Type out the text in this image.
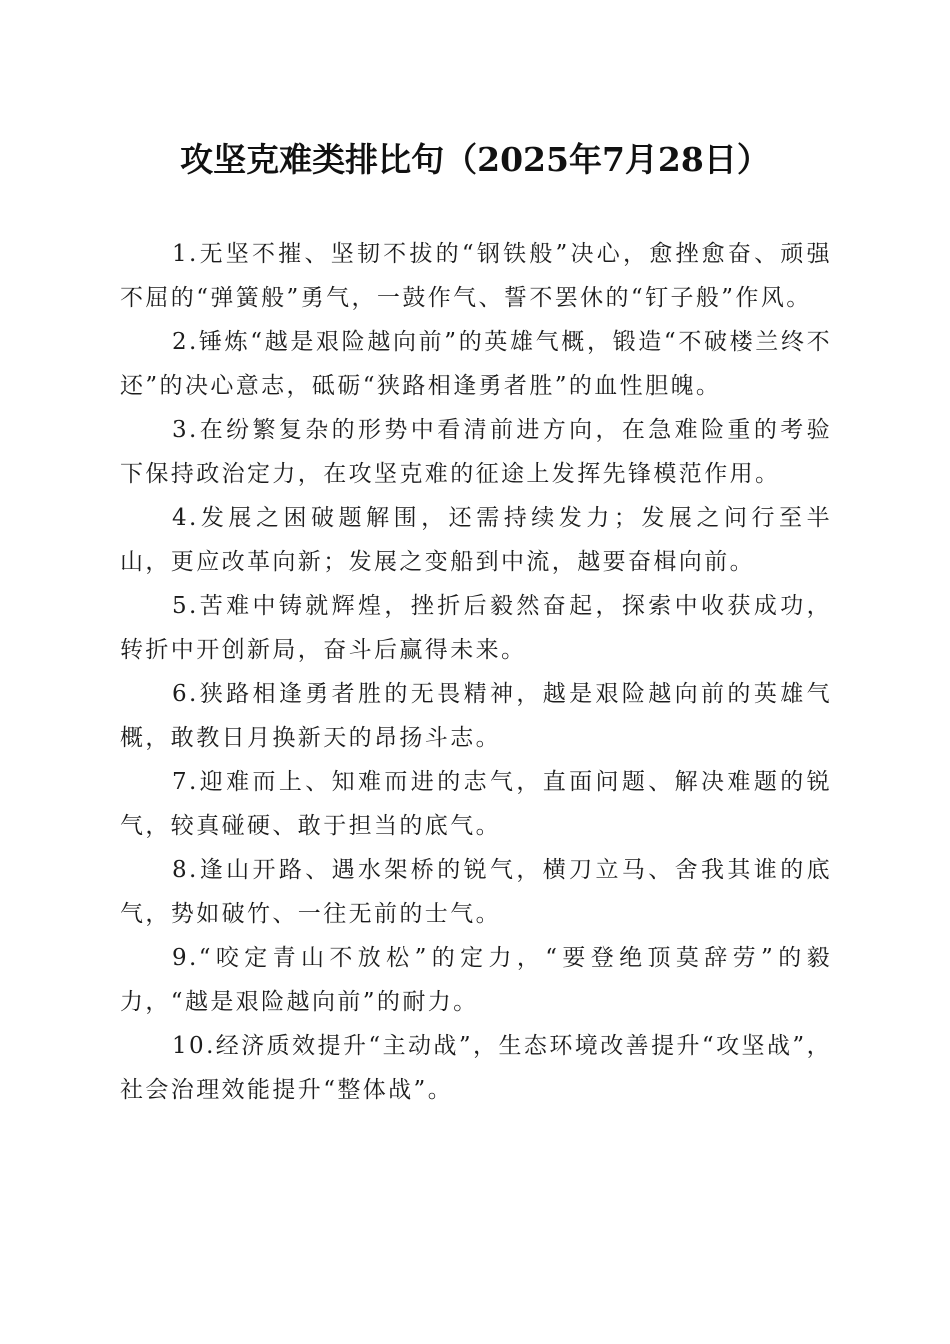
攻坚克难类排比句（2025年7月28日）

1.无坚不摧、坚韧不拔的“钢铁般”决心，愈挫愈奋、顽强不屈的“弹簧般”勇气，一鼓作气、誓不罢休的“钉子般”作风。

2.锤炼“越是艰险越向前”的英雄气概，锻造“不破楼兰终不还”的决心意志，砥砺“狭路相逢勇者胜”的血性胆魄。

3.在纷繁复杂的形势中看清前进方向，在急难险重的考验下保持政治定力，在攻坚克难的征途上发挥先锋模范作用。

4.发展之困破题解围，还需持续发力；发展之问行至半山，更应改革向新；发展之变船到中流，越要奋楫向前。

5.苦难中铸就辉煌，挫折后毅然奋起，探索中收获成功，转折中开创新局，奋斗后赢得未来。

6.狭路相逢勇者胜的无畏精神，越是艰险越向前的英雄气概，敢教日月换新天的昂扬斗志。

7.迎难而上、知难而进的志气，直面问题、解决难题的锐气，较真碰硬、敢于担当的底气。

8.逢山开路、遇水架桥的锐气，横刀立马、舍我其谁的底气，势如破竹、一往无前的士气。

9.“咬定青山不放松”的定力，“要登绝顶莫辞劳”的毅力，“越是艰险越向前”的耐力。

10.经济质效提升“主动战”，生态环境改善提升“攻坚战”，社会治理效能提升“整体战”。
